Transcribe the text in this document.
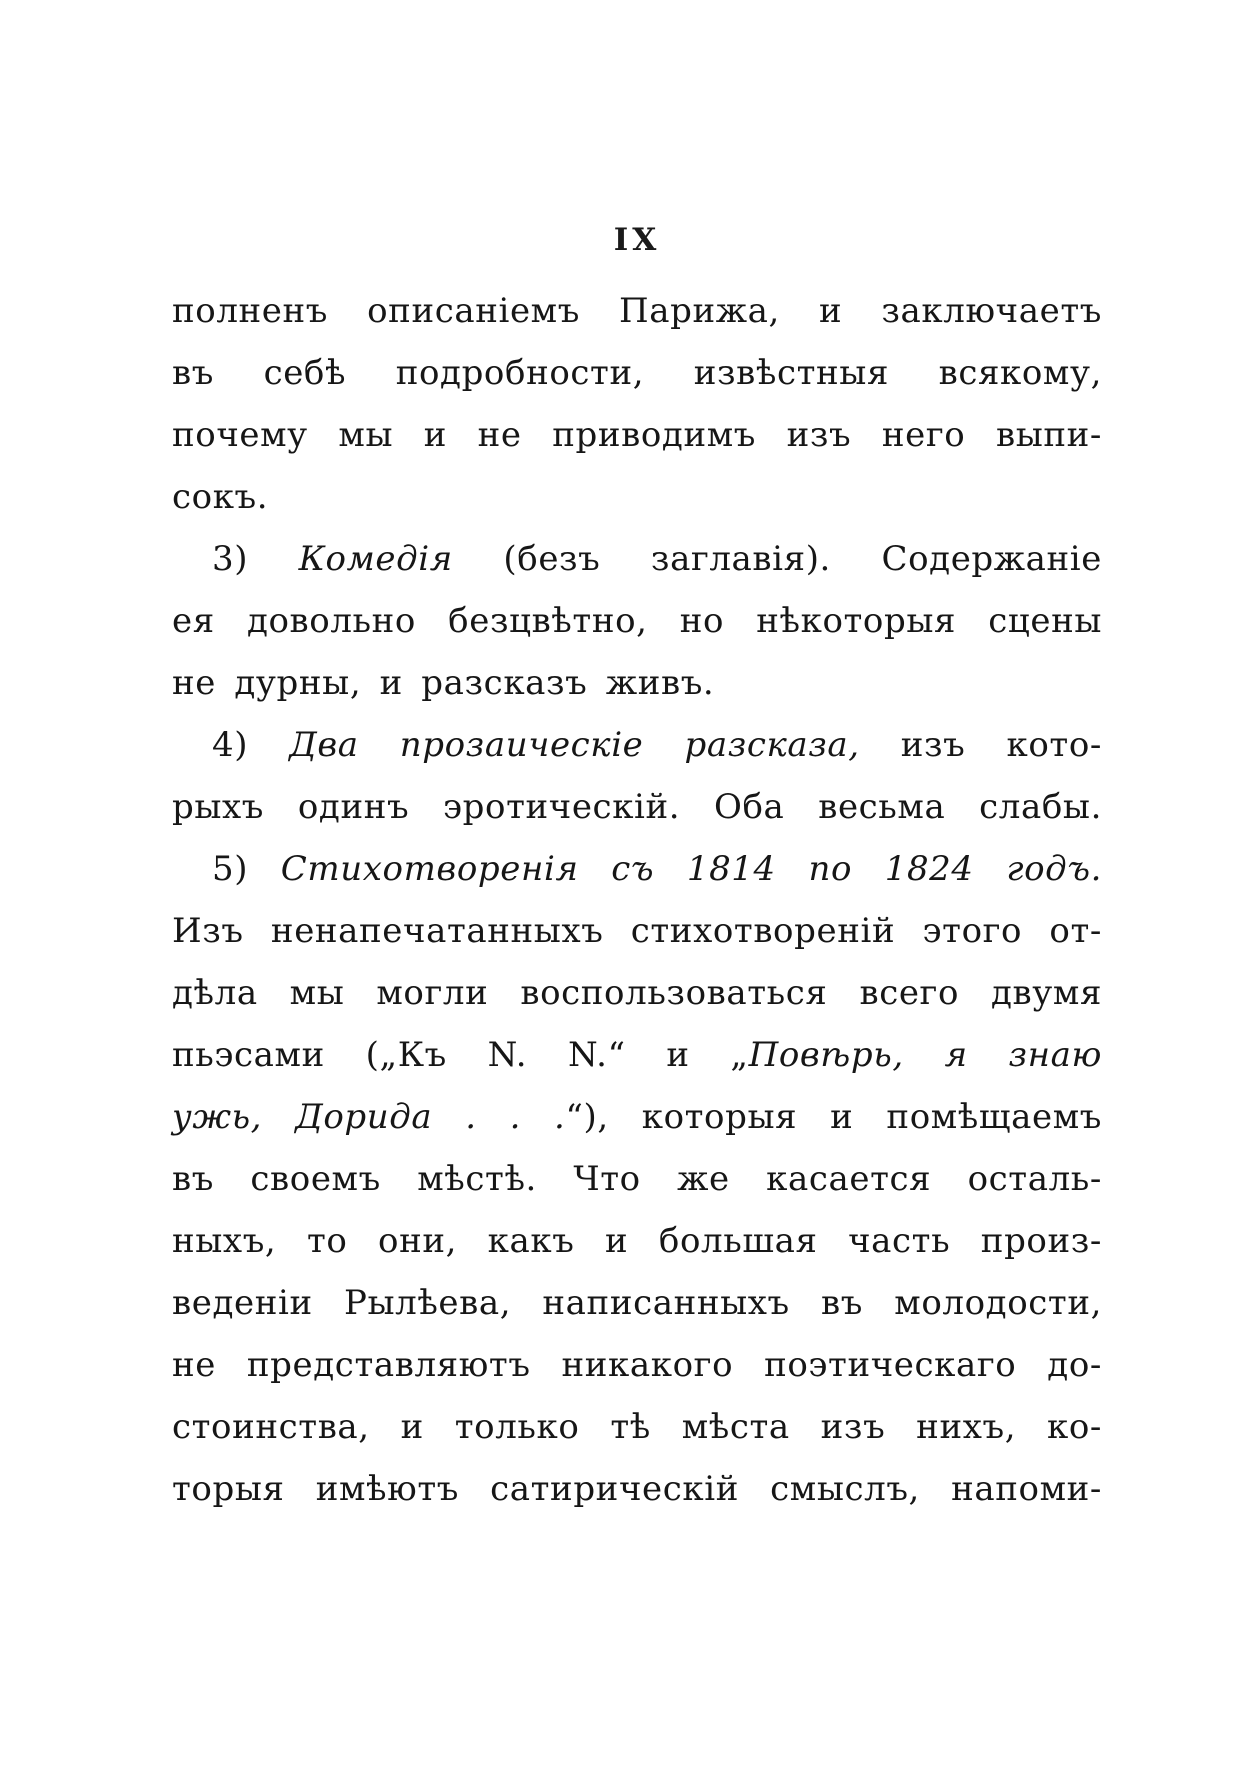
IX
полненъ описаніемъ Парижа, и заключаетъ
въ себѣ подробности, извѣстныя всякому,
почему мы и не приводимъ изъ него выпи-
сокъ.
3) Комедія (безъ заглавія). Содержаніе
ея довольно безцвѣтно, но нѣкоторыя сцены
не дурны, и разсказъ живъ.
4) Два прозаическіе разсказа, изъ кото-
рыхъ одинъ эротическій. Оба весьма слабы.
5) Стихотворенія съ 1814 по 1824 годъ.
Изъ ненапечатанныхъ стихотвореній этого от-
дѣла мы могли воспользоваться всего двумя
пьэсами („Къ N. N.“ и „Повѣрь, я знаю
ужь, Дорида . . .“), которыя и помѣщаемъ
въ своемъ мѣстѣ. Что же касается осталь-
ныхъ, то они, какъ и большая часть произ-
веденіи Рылѣева, написанныхъ въ молодости,
не представляютъ никакого поэтическаго до-
стоинства, и только тѣ мѣста изъ нихъ, ко-
торыя имѣютъ сатирическій смыслъ, напоми-
